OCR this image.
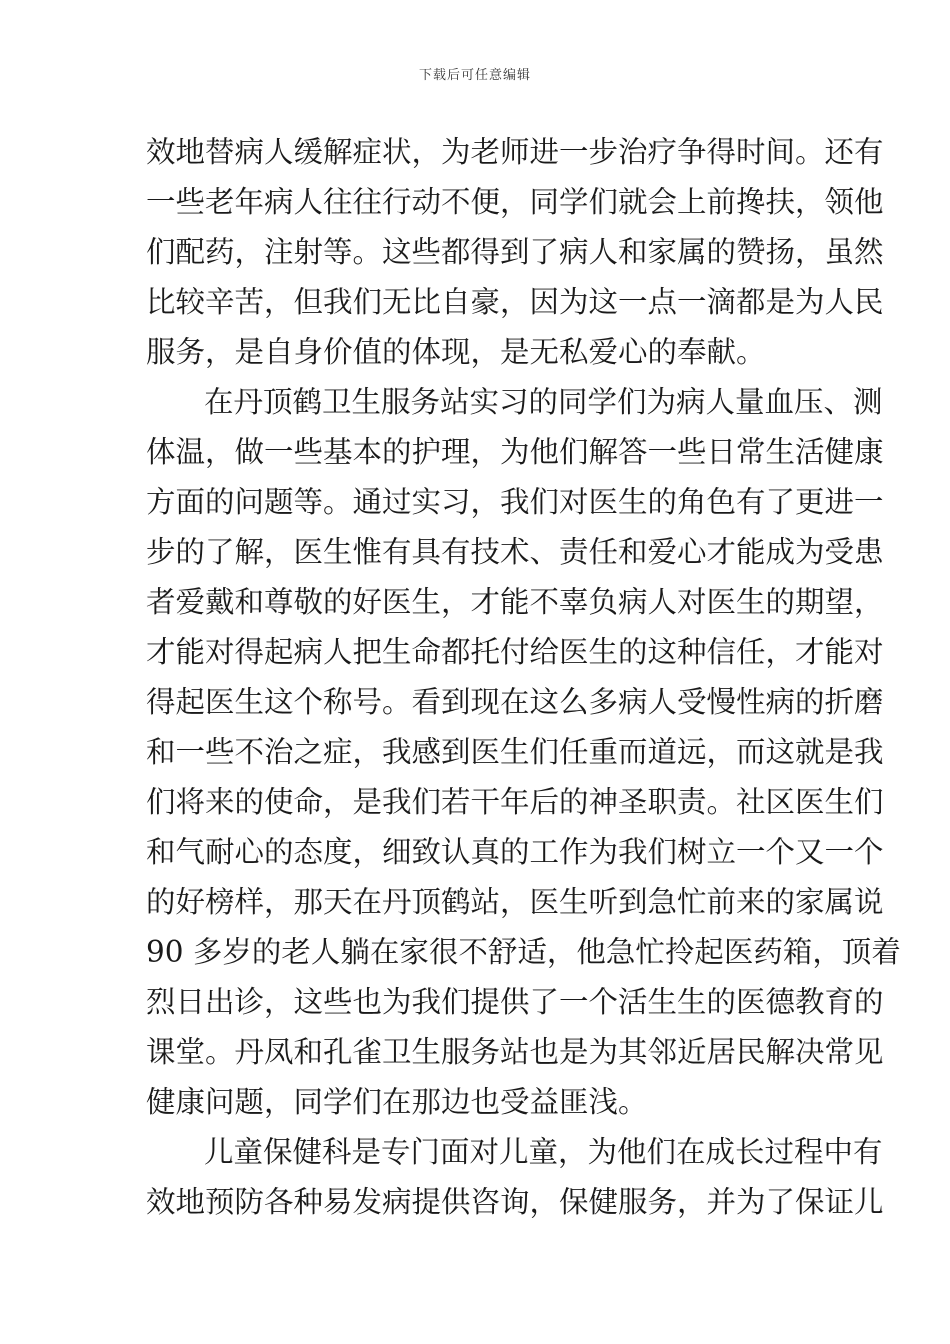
下载后可任意编辑
效地替病人缓解症状，为老师进一步治疗争得时间。还有
一些老年病人往往行动不便，同学们就会上前搀扶，领他
们配药，注射等。这些都得到了病人和家属的赞扬，虽然
比较辛苦，但我们无比自豪，因为这一点一滴都是为人民
服务，是自身价值的体现，是无私爱心的奉献。
在丹顶鹤卫生服务站实习的同学们为病人量血压、测
体温，做一些基本的护理，为他们解答一些日常生活健康
方面的问题等。通过实习，我们对医生的角色有了更进一
步的了解，医生惟有具有技术、责任和爱心才能成为受患
者爱戴和尊敬的好医生，才能不辜负病人对医生的期望，
才能对得起病人把生命都托付给医生的这种信任，才能对
得起医生这个称号。看到现在这么多病人受慢性病的折磨
和一些不治之症，我感到医生们任重而道远，而这就是我
们将来的使命，是我们若干年后的神圣职责。社区医生们
和气耐心的态度，细致认真的工作为我们树立一个又一个
的好榜样，那天在丹顶鹤站，医生听到急忙前来的家属说
90 多岁的老人躺在家很不舒适，他急忙拎起医药箱，顶着
烈日出诊，这些也为我们提供了一个活生生的医德教育的
课堂。丹凤和孔雀卫生服务站也是为其邻近居民解决常见
健康问题，同学们在那边也受益匪浅。
儿童保健科是专门面对儿童，为他们在成长过程中有
效地预防各种易发病提供咨询，保健服务，并为了保证儿
